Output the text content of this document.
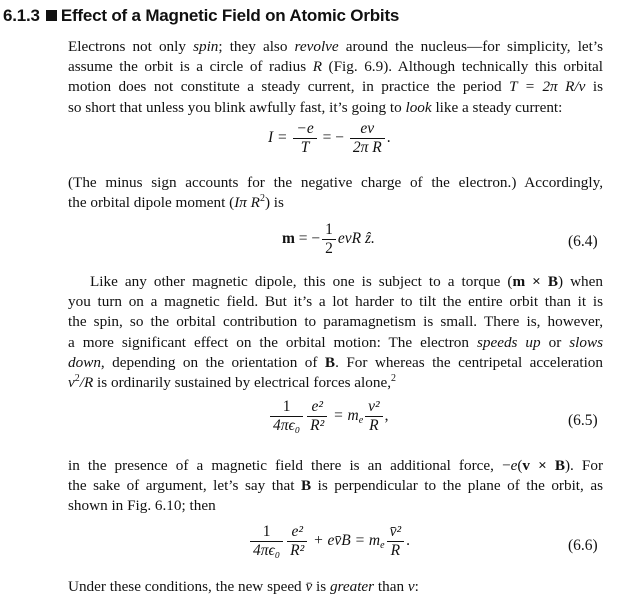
6.1.3 Effect of a Magnetic Field on Atomic Orbits
Electrons not only spin; they also revolve around the nucleus—for simplicity, let’s
assume the orbit is a circle of radius R (Fig. 6.9). Although technically this orbital
motion does not constitute a steady current, in practice the period T = 2π R/v is
so short that unless you blink awfully fast, it’s going to look like a steady current:
$I = \frac{-e}{T}$ = − $\frac{ev}{\text{2π R}}$ .
(The minus sign accounts for the negative charge of the electron.) Accordingly,
the orbital dipole moment (Iπ $R^2$) is
m = − $\frac{1}{2}$ evR ẑ.	(6.4)
Like any other magnetic dipole, this one is subject to a torque (m × B) when
you turn on a magnetic field. But it’s a lot harder to tilt the entire orbit than it is
the spin, so the orbital contribution to paramagnetism is small. There is, however,
a more significant effect on the orbital motion: The electron speeds up or slows
down, depending on the orientation of B. For whereas the centripetal acceleration
$v^2/R$ is ordinarily sustained by electrical forces alone,$^2$
$\frac{1}{\text{4πϵ₀}} \frac{\text{e²}}{\text{R²}} = m_e \frac{\text{v²}}{R}$ ,	(6.5)
in the presence of a magnetic field there is an additional force, −e(v × B). For
the sake of argument, let’s say that B is perpendicular to the plane of the orbit, as
shown in Fig. 6.10; then
$\frac{1}{\text{4πϵ₀}} \frac{\text{e²}}{\text{R²}}$ + ev̄B = $m_e \frac{\text{v̄²}}{R}$ .	(6.6)
Under these conditions, the new speed v̄ is greater than v:
